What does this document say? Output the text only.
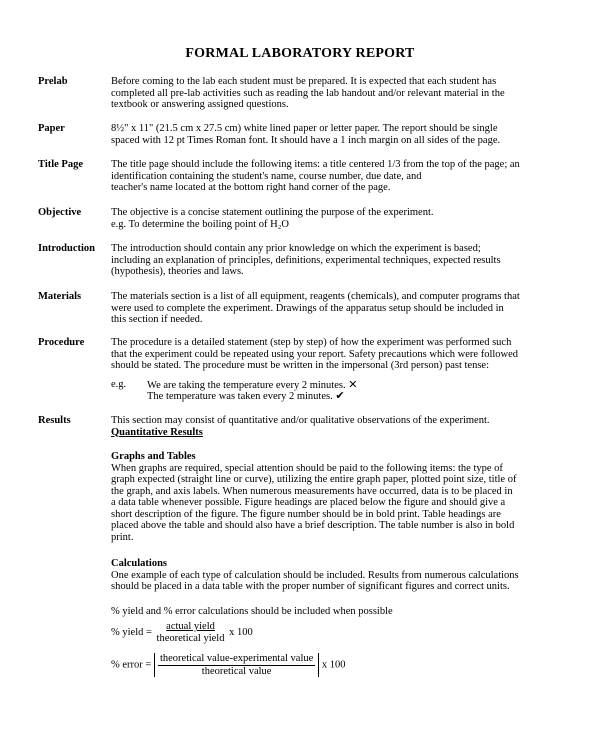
FORMAL LABORATORY REPORT
Prelab	Before coming to the lab each student must be prepared. It is expected that each student has

completed all pre-lab activities such as reading the lab handout and/or relevant material in the

textbook or answering assigned questions.

Paper	8½" x 11" (21.5 cm x 27.5 cm) white lined paper or letter paper. The report should be single

spaced with 12 pt Times Roman font. It should have a 1 inch margin on all sides of the page.

Title Page	The title page should include the following items: a title centered 1/3 from the top of the page; an

identification containing the student's name, course number, due date, and

teacher's name located at the bottom right hand corner of the page.

Objective	The objective is a concise statement outlining the purpose of the experiment.

e.g. To determine the boiling point of H₂O

Introduction	The introduction should contain any prior knowledge on which the experiment is based;

including an explanation of principles, definitions, experimental techniques, expected results

(hypothesis), theories and laws.

Materials	The materials section is a list of all equipment, reagents (chemicals), and computer programs that

were used to complete the experiment. Drawings of the apparatus setup should be included in

this section if needed.

Procedure	The procedure is a detailed statement (step by step) of how the experiment was performed such

that the experiment could be repeated using your report. Safety precautions which were followed

should be stated. The procedure must be written in the impersonal (3rd person) past tense:

e.g. We are taking the temperature every 2 minutes. ✕
The temperature was taken every 2 minutes. ✔
Results	This section may consist of quantitative and/or qualitative observations of the experiment.

Quantitative Results

Graphs and Tables

When graphs are required, special attention should be paid to the following items: the type of

graph expected (straight line or curve), utilizing the entire graph paper, plotted point size, title of

the graph, and axis labels. When numerous measurements have occurred, data is to be placed in

a data table whenever possible. Figure headings are placed below the figure and should give a

short description of the figure. The figure number should be in bold print. Table headings are

placed above the table and should also have a brief description. The table number is also in bold

print.

Calculations

One example of each type of calculation should be included. Results from numerous calculations

should be placed in a data table with the proper number of significant figures and correct units.

% yield and % error calculations should be included when possible
% yield = $\frac{\text{actual yield}}{\text{theoretical yield}}$ x 100
% error = $\frac{\text{theoretical value-experimental value}}{\text{theoretical value}}$ x 100
